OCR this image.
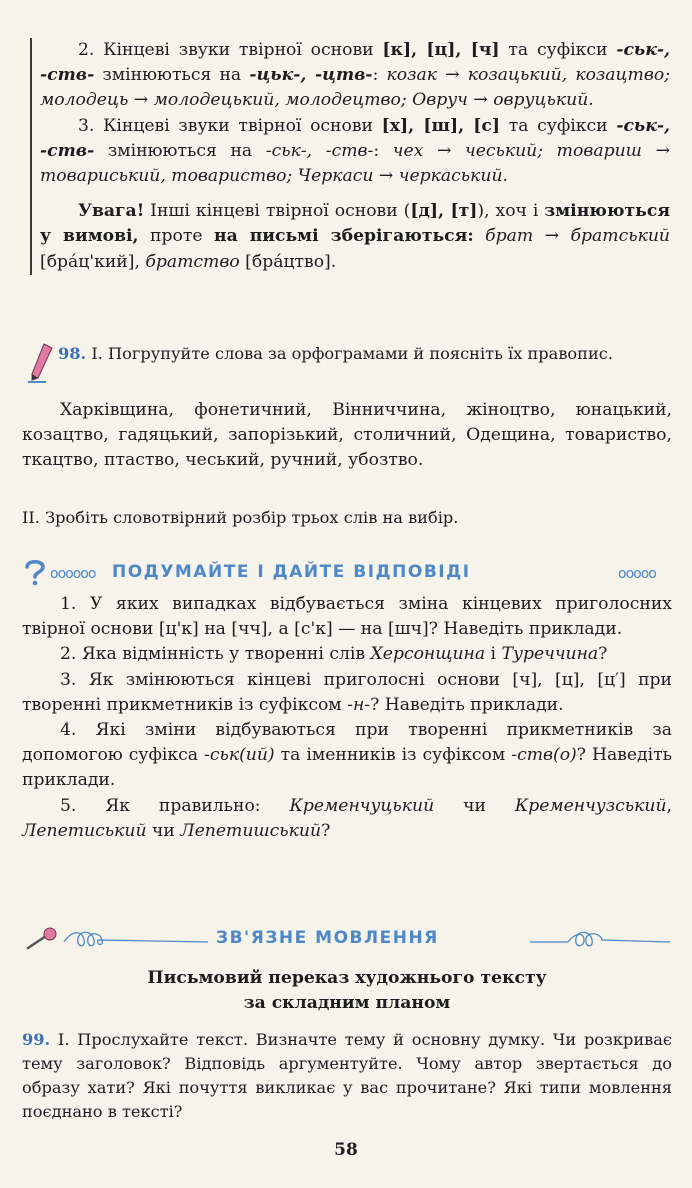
2. Кінцеві звуки твірної основи [к], [ц], [ч] та суфікси -ськ-, -ств- змінюються на -цьк-, -цтв-: козак → козацький, козацтво; молодець → молодецький, молодецтво; Овруч → овруцький.

3. Кінцеві звуки твірної основи [х], [ш], [с] та суфікси -ськ-, -ств- змінюються на -ськ-, -ств-: чех → чеський; товариш → товариський, товариство; Черкаси → черкаський.

Увага! Інші кінцеві твірної основи ([д], [т]), хоч і змінюються у вимові, проте на письмі зберігаються: брат → братський [бра́ц'кий], братство [бра́цтво].

98. І. Погрупуйте слова за орфограмами й поясніть їх правопис.

Харківщина, фонетичний, Вінниччина, жіноцтво, юнацький, козацтво, гадяцький, запорізький, столичний, Одещина, товариство, ткацтво, птаство, чеський, ручний, убозтво.

ІІ. Зробіть словотвірний розбір трьох слів на вибір.

oooooo ПОДУМАЙТЕ І ДАЙТЕ ВІДПОВІДІ	ooooo

1. У яких випадках відбувається зміна кінцевих приголосних твірної основи [ц'к] на [чч], а [с'к] — на [шч]? Наведіть приклади.

2. Яка відмінність у творенні слів Херсонщина і Туреччина?

3. Як змінюються кінцеві приголосні основи [ч], [ц], [ц′] при творенні прикметників із суфіксом -н-? Наведіть приклади.

4. Які зміни відбуваються при творенні прикметників за допомогою суфікса -ськ(ий) та іменників із суфіксом -ств(о)? Наведіть приклади.

5. Як правильно: Кременчуцький чи Кременчузський, Лепетиський чи Лепетишський?

ЗВ'ЯЗНЕ МОВЛЕННЯ

Письмовий переказ художнього тексту

за складним планом

99. І. Прослухайте текст. Визначте тему й основну думку. Чи розкриває тему заголовок? Відповідь аргументуйте. Чому автор звертається до образу хати? Які почуття викликає у вас прочитане? Які типи мовлення поєднано в тексті?

58
